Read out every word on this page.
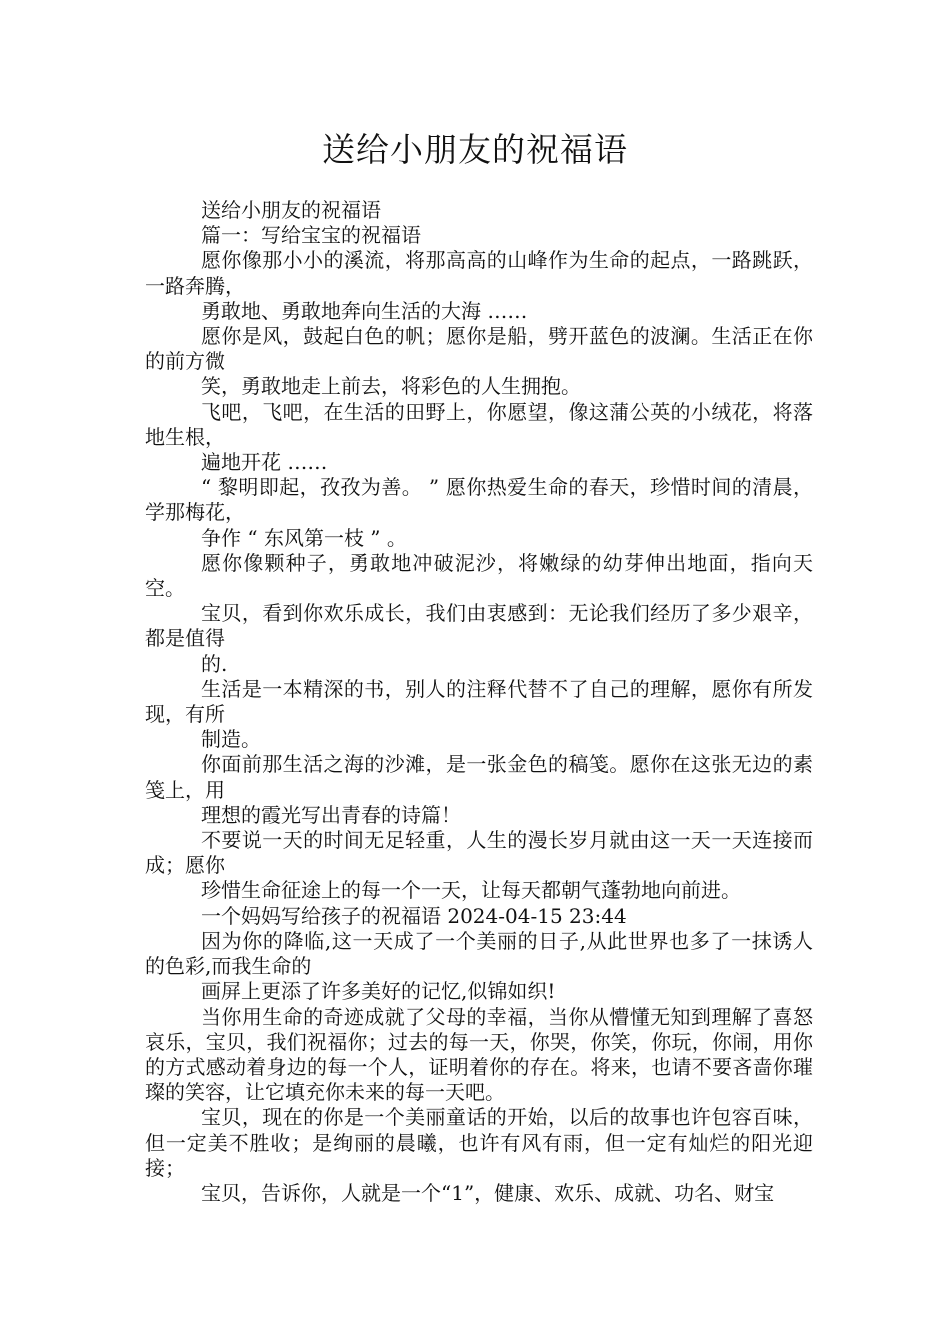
送给小朋友的祝福语

送给小朋友的祝福语

篇一：写给宝宝的祝福语

愿你像那小小的溪流，将那高高的山峰作为生命的起点，一路跳跃，一路奔腾，

勇敢地、勇敢地奔向生活的大海 ……

愿你是风，鼓起白色的帆；愿你是船，劈开蓝色的波澜。生活正在你的前方微

笑，勇敢地走上前去，将彩色的人生拥抱。

飞吧，飞吧，在生活的田野上，你愿望，像这蒲公英的小绒花，将落地生根，

遍地开花 ……

“ 黎明即起，孜孜为善。 ” 愿你热爱生命的春天，珍惜时间的清晨，学那梅花，

争作 “ 东风第一枝 ” 。

愿你像颗种子，勇敢地冲破泥沙，将嫩绿的幼芽伸出地面，指向天空。

宝贝，看到你欢乐成长，我们由衷感到：无论我们经历了多少艰辛，都是值得

的.

生活是一本精深的书，别人的注释代替不了自己的理解，愿你有所发现，有所

制造。

你面前那生活之海的沙滩，是一张金色的稿笺。愿你在这张无边的素笺上，用

理想的霞光写出青春的诗篇！

不要说一天的时间无足轻重，人生的漫长岁月就由这一天一天连接而成；愿你

珍惜生命征途上的每一个一天，让每天都朝气蓬勃地向前进。

一个妈妈写给孩子的祝福语 2024-04-15 23:44

因为你的降临,这一天成了一个美丽的日子,从此世界也多了一抹诱人的色彩,而我生命的

画屏上更添了许多美好的记忆,似锦如织!

当你用生命的奇迹成就了父母的幸福，当你从懵懂无知到理解了喜怒哀乐，宝贝，我们祝福你；过去的每一天，你哭，你笑，你玩，你闹，用你的方式感动着身边的每一个人，证明着你的存在。将来，也请不要吝啬你璀璨的笑容，让它填充你未来的每一天吧。

宝贝，现在的你是一个美丽童话的开始，以后的故事也许包容百味，但一定美不胜收；是绚丽的晨曦，也许有风有雨，但一定有灿烂的阳光迎接；

宝贝，告诉你，人就是一个“1”，健康、欢乐、成就、功名、财宝
